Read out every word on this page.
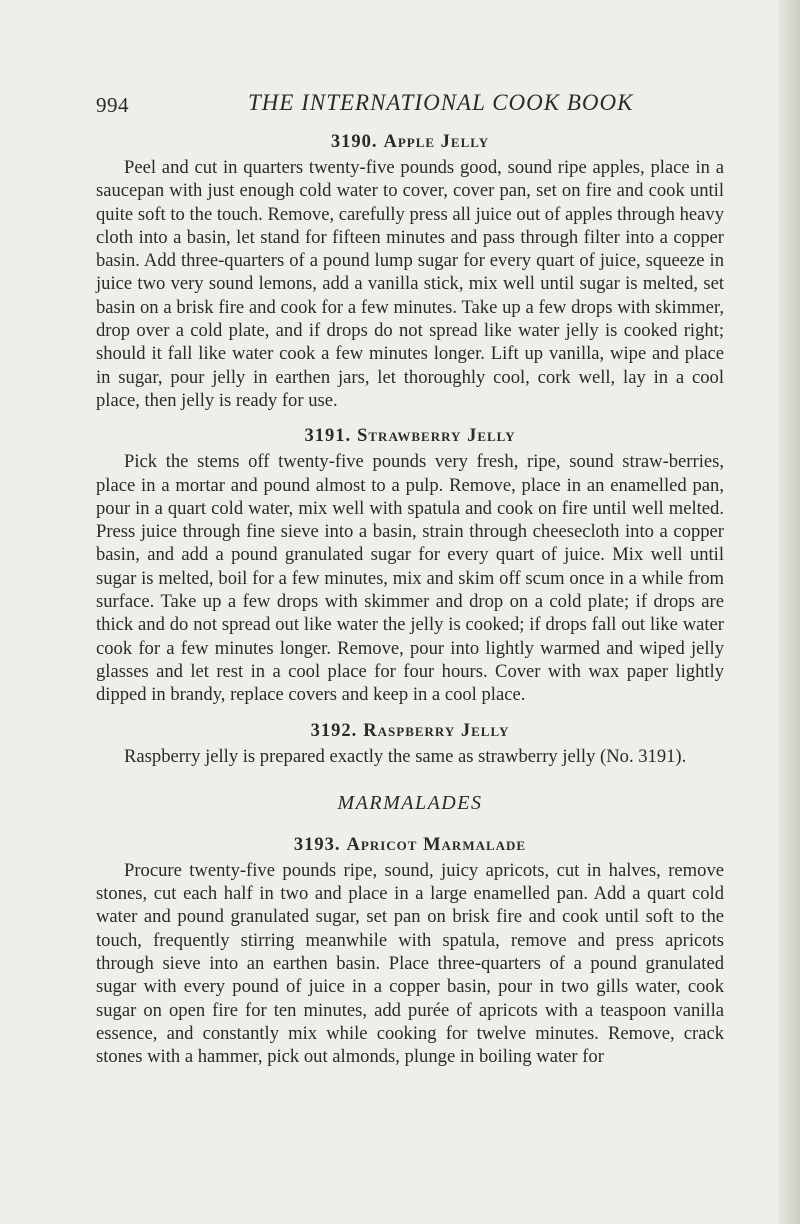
994	THE INTERNATIONAL COOK BOOK
3190. Apple Jelly

Peel and cut in quarters twenty-five pounds good, sound ripe apples, place in a saucepan with just enough cold water to cover, cover pan, set on fire and cook until quite soft to the touch. Remove, carefully press all juice out of apples through heavy cloth into a basin, let stand for fifteen minutes and pass through filter into a copper basin. Add three-quarters of a pound lump sugar for every quart of juice, squeeze in juice two very sound lemons, add a vanilla stick, mix well until sugar is melted, set basin on a brisk fire and cook for a few minutes. Take up a few drops with skimmer, drop over a cold plate, and if drops do not spread like water jelly is cooked right; should it fall like water cook a few minutes longer. Lift up vanilla, wipe and place in sugar, pour jelly in earthen jars, let thoroughly cool, cork well, lay in a cool place, then jelly is ready for use.

3191. Strawberry Jelly

Pick the stems off twenty-five pounds very fresh, ripe, sound straw-berries, place in a mortar and pound almost to a pulp. Remove, place in an enamelled pan, pour in a quart cold water, mix well with spatula and cook on fire until well melted. Press juice through fine sieve into a basin, strain through cheesecloth into a copper basin, and add a pound granulated sugar for every quart of juice. Mix well until sugar is melted, boil for a few minutes, mix and skim off scum once in a while from surface. Take up a few drops with skimmer and drop on a cold plate; if drops are thick and do not spread out like water the jelly is cooked; if drops fall out like water cook for a few minutes longer. Remove, pour into lightly warmed and wiped jelly glasses and let rest in a cool place for four hours. Cover with wax paper lightly dipped in brandy, replace covers and keep in a cool place.

3192. Raspberry Jelly

Raspberry jelly is prepared exactly the same as strawberry jelly (No. 3191).

MARMALADES
3193. Apricot Marmalade

Procure twenty-five pounds ripe, sound, juicy apricots, cut in halves, remove stones, cut each half in two and place in a large enamelled pan. Add a quart cold water and pound granulated sugar, set pan on brisk fire and cook until soft to the touch, frequently stirring meanwhile with spatula, remove and press apricots through sieve into an earthen basin. Place three-quarters of a pound granulated sugar with every pound of juice in a copper basin, pour in two gills water, cook sugar on open fire for ten minutes, add purée of apricots with a teaspoon vanilla essence, and constantly mix while cooking for twelve minutes. Remove, crack stones with a hammer, pick out almonds, plunge in boiling water for
